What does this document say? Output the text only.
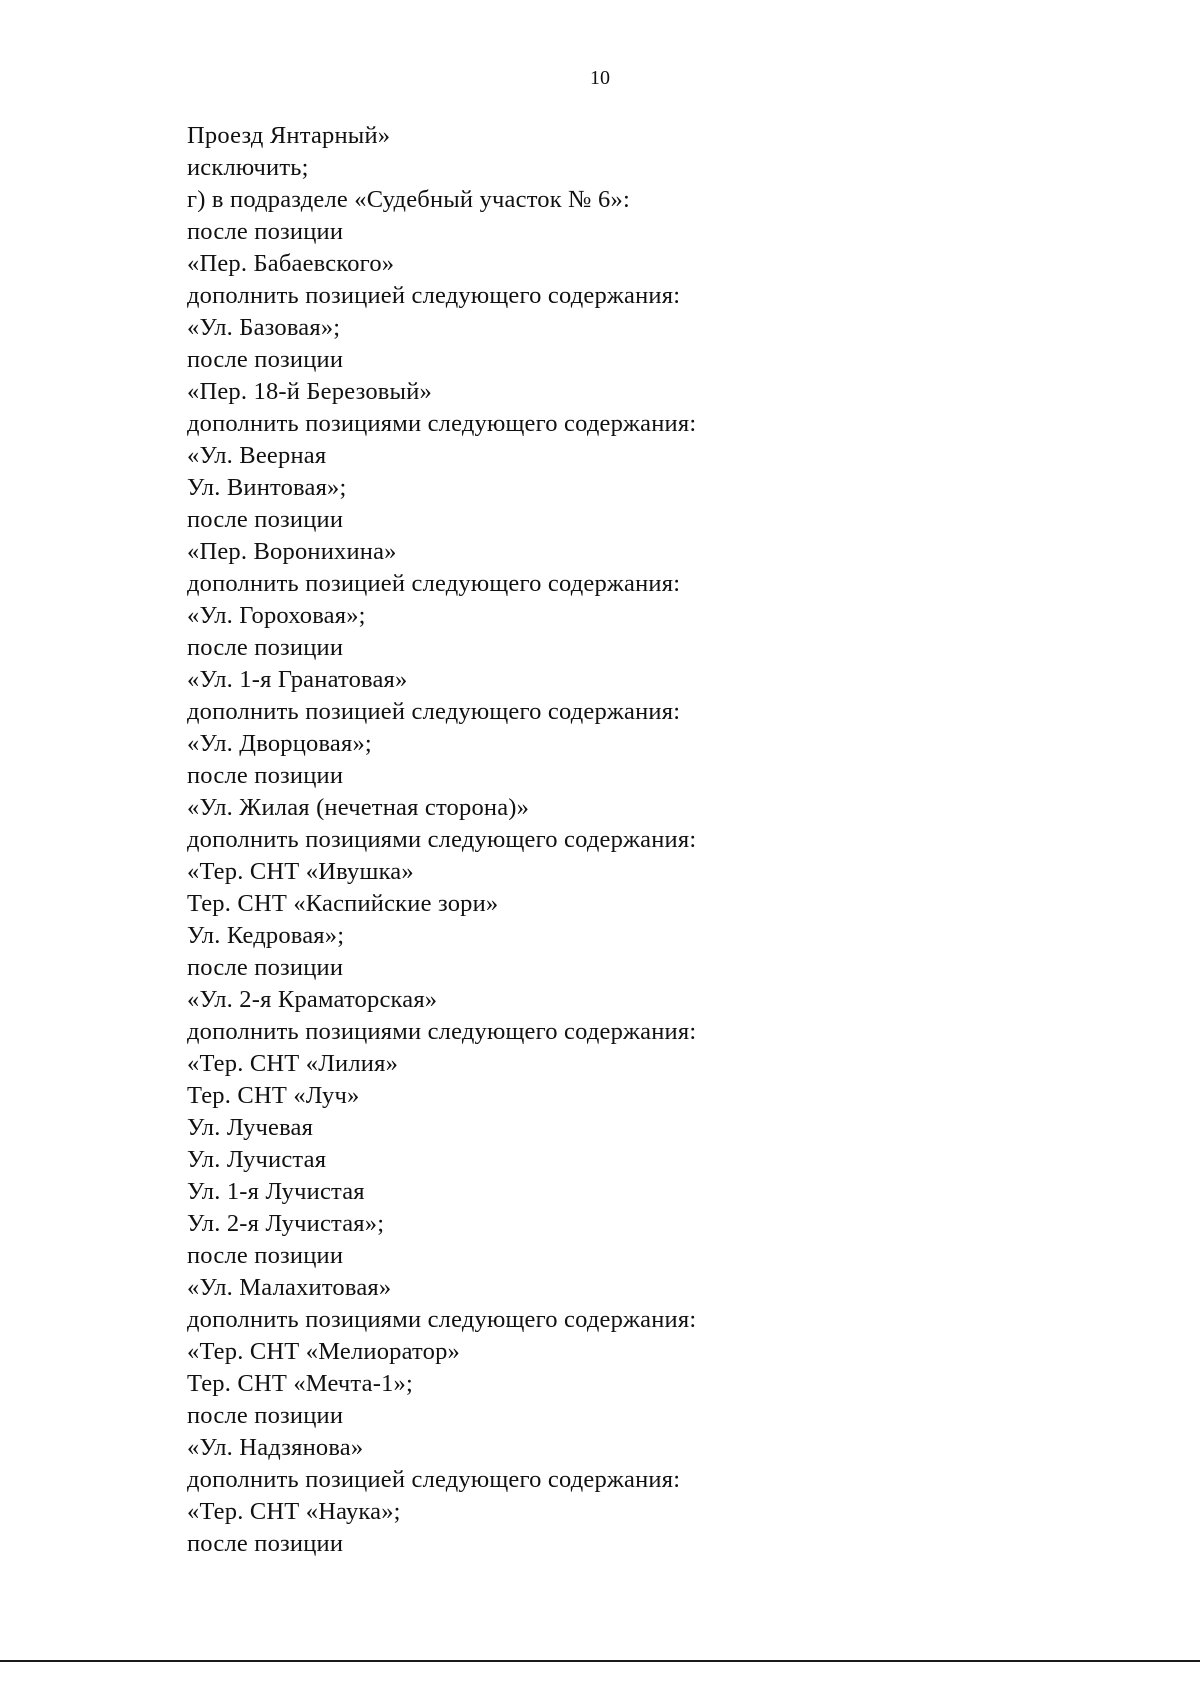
10
Проезд Янтарный»
исключить;
г) в подразделе «Судебный участок № 6»:
после позиции
«Пер. Бабаевского»
дополнить позицией следующего содержания:
«Ул. Базовая»;
после позиции
«Пер. 18-й Березовый»
дополнить позициями следующего содержания:
«Ул. Веерная
Ул. Винтовая»;
после позиции
«Пер. Воронихина»
дополнить позицией следующего содержания:
«Ул. Гороховая»;
после позиции
«Ул. 1-я Гранатовая»
дополнить позицией следующего содержания:
«Ул. Дворцовая»;
после позиции
«Ул. Жилая (нечетная сторона)»
дополнить позициями следующего содержания:
«Тер. СНТ «Ивушка»
Тер. СНТ «Каспийские зори»
Ул. Кедровая»;
после позиции
«Ул. 2-я Краматорская»
дополнить позициями следующего содержания:
«Тер. СНТ «Лилия»
Тер. СНТ «Луч»
Ул. Лучевая
Ул. Лучистая
Ул. 1-я Лучистая
Ул. 2-я Лучистая»;
после позиции
«Ул. Малахитовая»
дополнить позициями следующего содержания:
«Тер. СНТ «Мелиоратор»
Тер. СНТ «Мечта-1»;
после позиции
«Ул. Надзянова»
дополнить позицией следующего содержания:
«Тер. СНТ «Наука»;
после позиции
